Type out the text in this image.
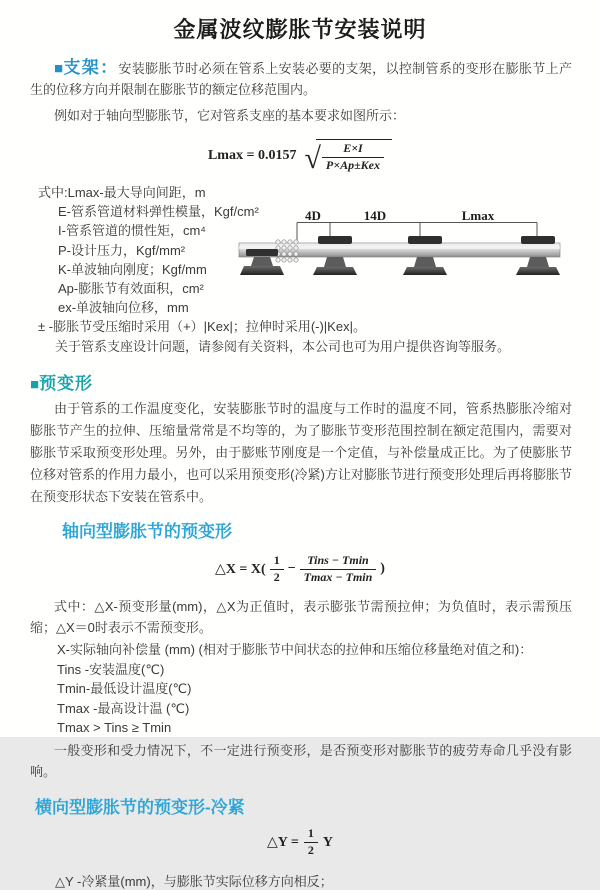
金属波纹膨胀节安装说明

■支架：安装膨胀节时必须在管系上安装必要的支架，以控制管系的变形在膨胀节上产生的位移方向并限制在膨胀节的额定位移范围内。

例如对于轴向型膨胀节，它对管系支座的基本要求如图所示：

Lmax = 0.0157 √ $\frac{E\times I}{\text{P×Ap±Kex}}$
式中:Lmax-最大导向间距，m
E-管系管道材料弹性模量，Kgf/cm²
I-管系管道的惯性矩，cm⁴
P-设计压力，Kgf/mm²
K-单波轴向刚度；Kgf/mm
Ap-膨胀节有效面积，cm²
ex-单波轴向位移，mm
4D	14D	Lmax

± -膨胀节受压缩时采用（+）|Kex|；拉伸时采用(-)|Kex|。

关于管系支座设计问题，请参阅有关资料，本公司也可为用户提供咨询等服务。

■预变形

由于管系的工作温度变化，安装膨胀节时的温度与工作时的温度不同，管系热膨胀冷缩对膨胀节产生的拉伸、压缩量常常是不均等的，为了膨胀节变形范围控制在额定范围内，需要对膨胀节采取预变形处理。另外，由于膨账节刚度是一个定值，与补偿量成正比。为了使膨胀节位移对管系的作用力最小，也可以采用预变形(冷紧)方让对膨胀节进行预变形处理后再将膨胀节在预变形状态下安装在管系中。

轴向型膨胀节的预变形
△X = $X( \frac{1}{2} - \frac{\text{Tins − Tmin}}{Tmax - Tmin}$ )

式中：△X-预变形量(mm)，△X为正值时，表示膨张节需预拉伸；为负值时，表示需预压缩；△X＝0时表示不需预变形。

X-实际轴向补偿量 (mm) (相对于膨胀节中间状态的拉伸和压缩位移量绝对值之和)：
Tins -安装温度(℃)
Tmin-最低设计温度(℃)
Tmax -最高设计温 (℃)
Tmax > Tins ≥ Tmin

一般变形和受力情况下，不一定进行预变形，是否预变形对膨胀节的疲劳寿命几乎没有影响。

横向型膨胀节的预变形-冷紧
△Y = $\frac{1}{2}$ Y

△Y -冷紧量(mm)，与膨胀节实际位移方向相反；
